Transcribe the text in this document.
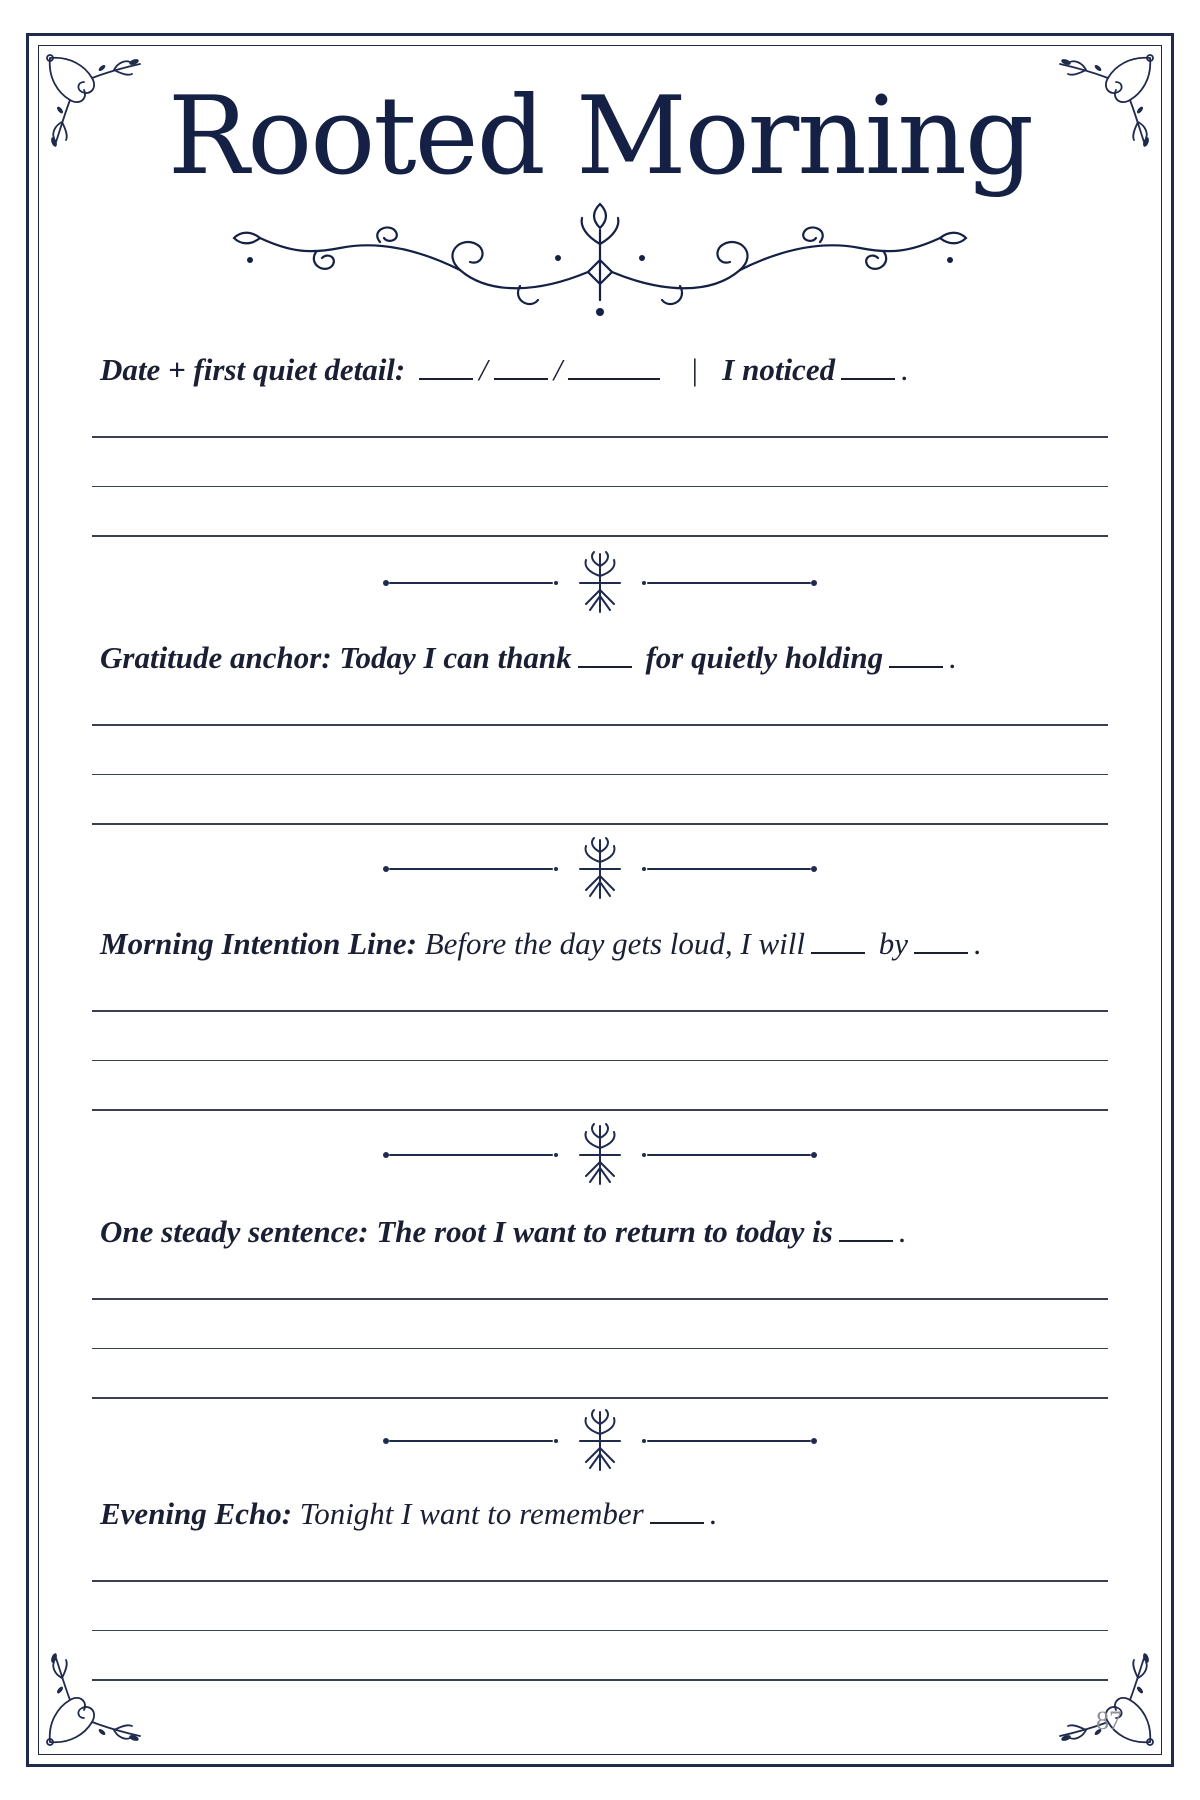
Rooted Morning
Date + first quiet detail: / /	| I noticed .
Gratitude anchor: Today I can thank for quietly holding .
Morning Intention Line: Before the day gets loud, I will by .
One steady sentence: The root I want to return to today is .
Evening Echo: Tonight I want to remember .
87
